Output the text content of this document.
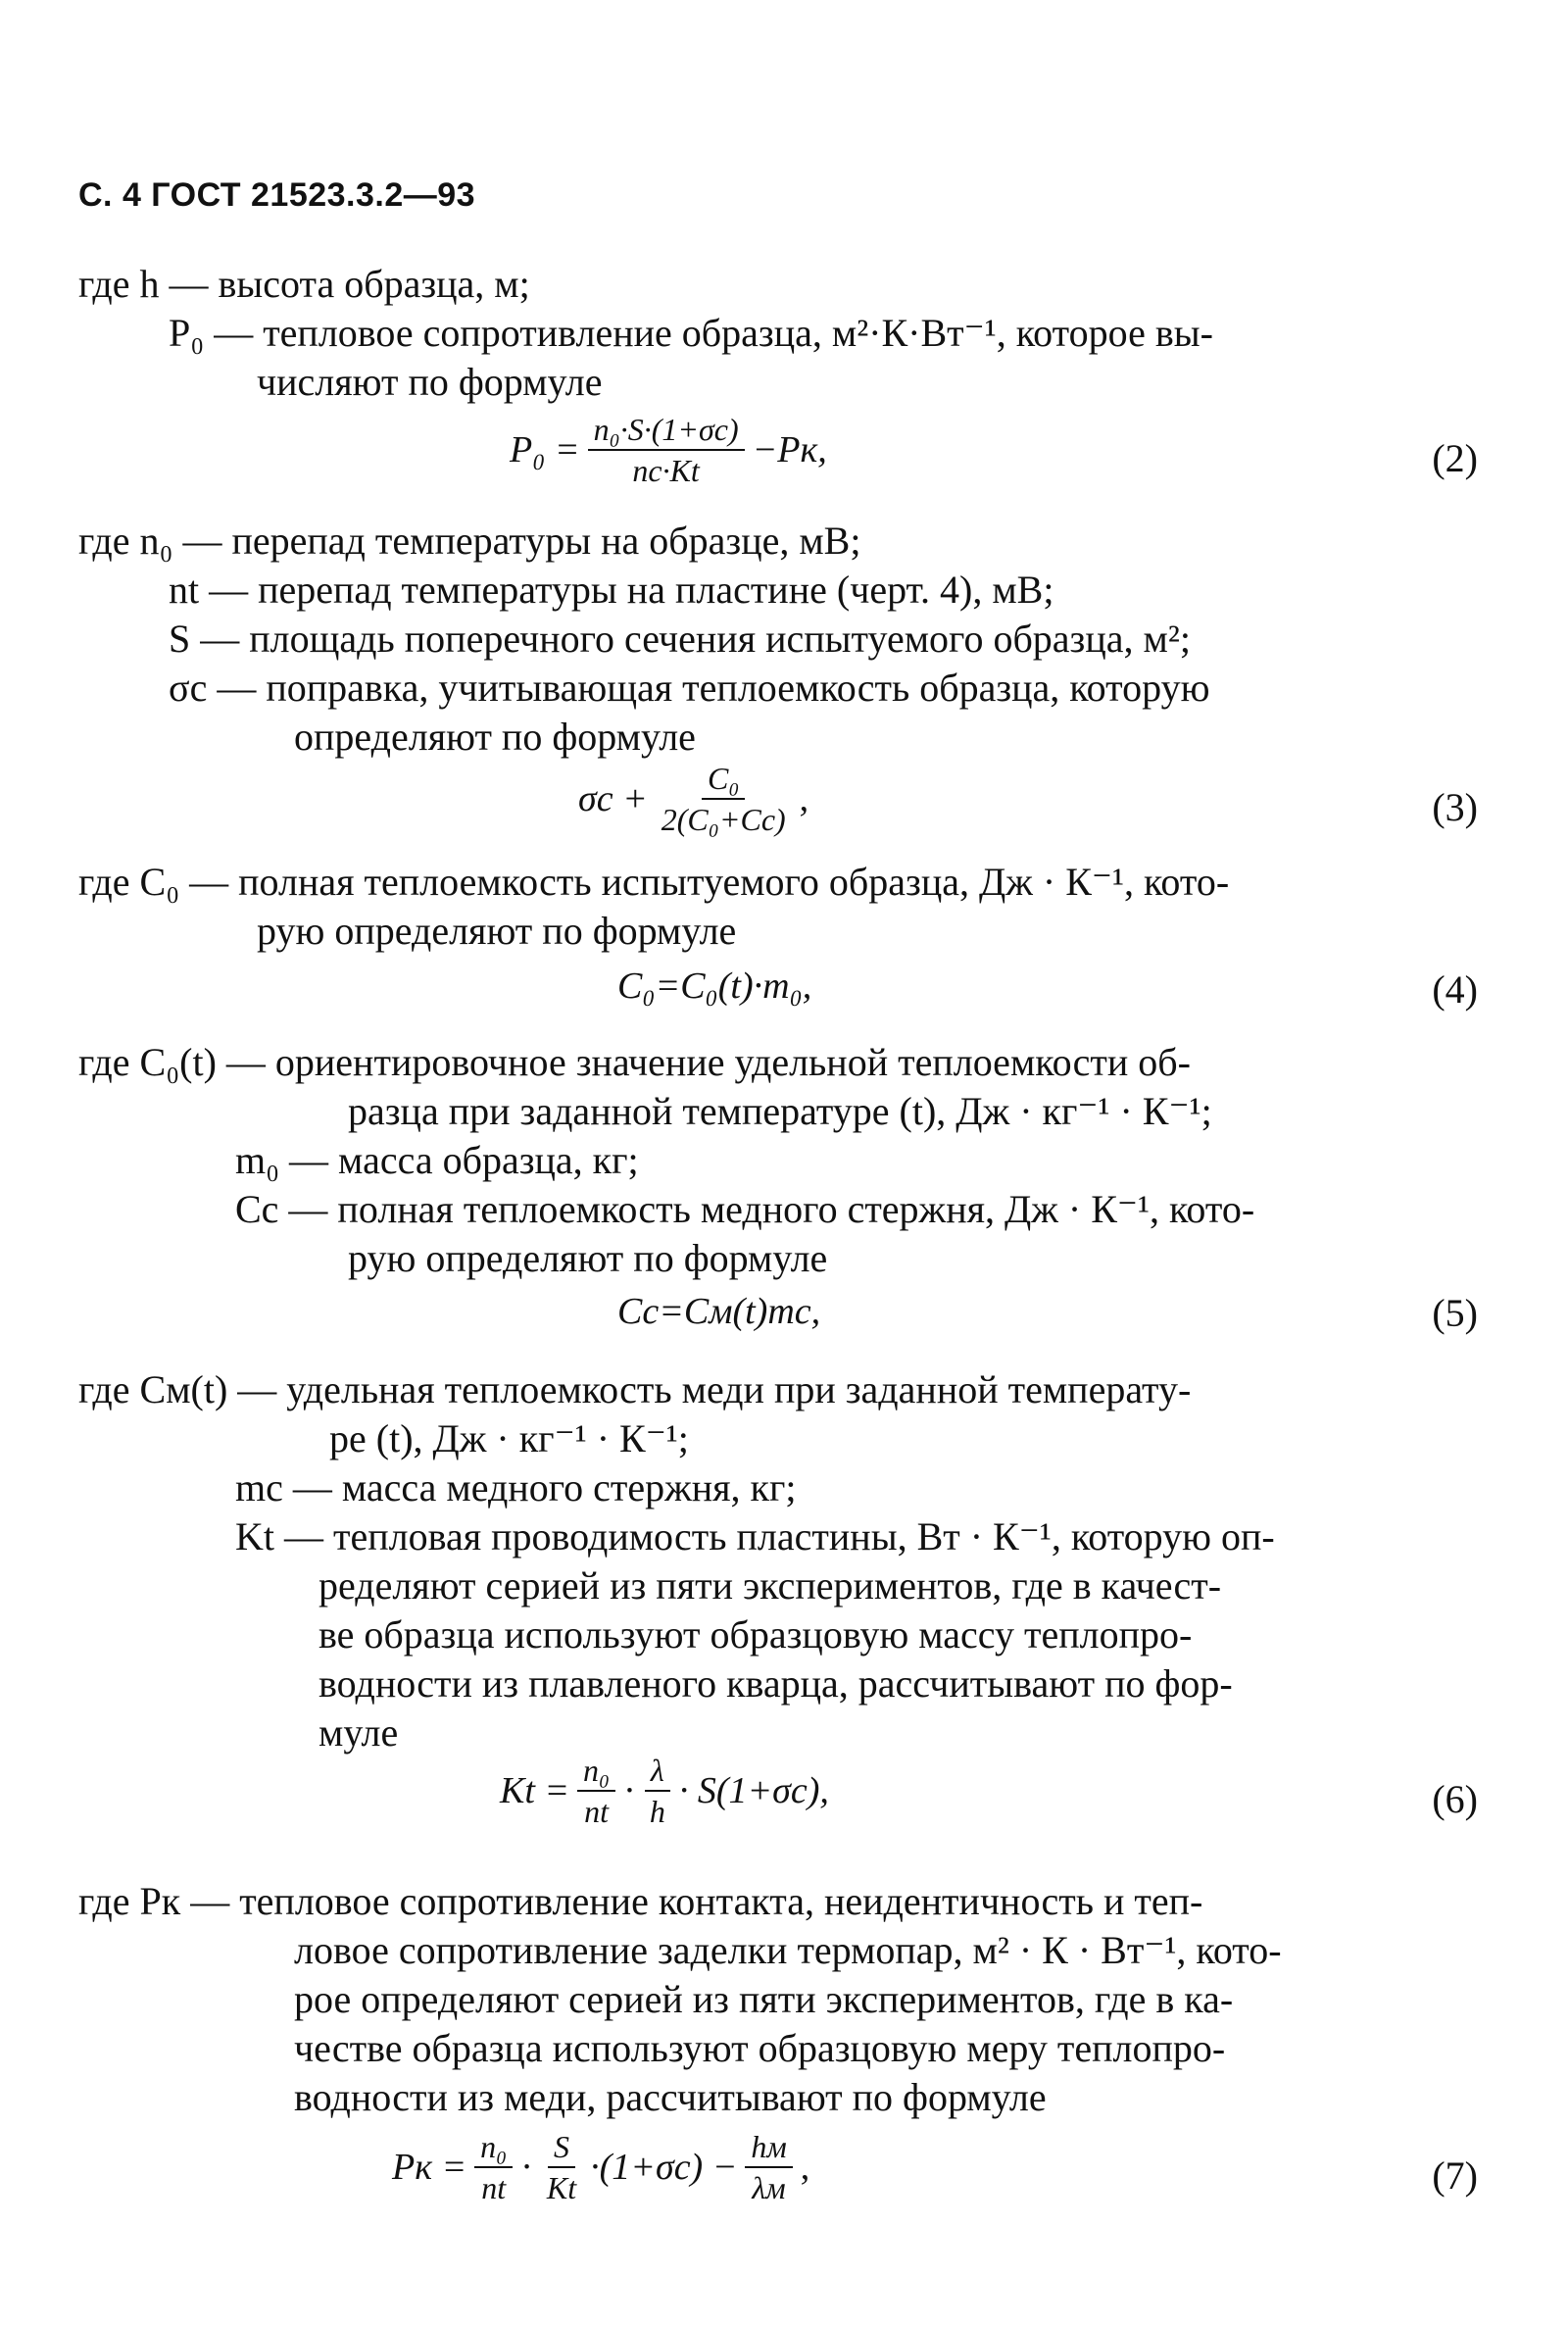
С. 4 ГОСТ 21523.3.2—93
где h — высота образца, м;
P₀ — тепловое сопротивление образца, м²·К·Вт⁻¹, которое вы-
числяют по формуле
$P_0 = \frac{\text{n₀·S·(1+σc)}}{nc\cdot Kt} -Pк$,	(2)
где n₀ — перепад температуры на образце, мВ;
nt — перепад температуры на пластине (черт. 4), мВ;
S — площадь поперечного сечения испытуемого образца, м²;
σc — поправка, учитывающая теплоемкость образца, которую
определяют по формуле
$\sigma c + \frac{\text{C₀}}{\text{2(C₀+Cc)}}$ ,	(3)
где C₀ — полная теплоемкость испытуемого образца, Дж · К⁻¹, кото-
рую определяют по формуле
C₀=C₀(t)·m₀,	(4)
где C₀(t) — ориентировочное значение удельной теплоемкости об-
разца при заданной температуре (t), Дж · кг⁻¹ · К⁻¹;
m₀ — масса образца, кг;
Cc — полная теплоемкость медного стержня, Дж · К⁻¹, кото-
рую определяют по формуле
Cc=Cм(t)mc,	(5)
где Cм(t) — удельная теплоемкость меди при заданной температу-
ре (t), Дж · кг⁻¹ · К⁻¹;
mc — масса медного стержня, кг;
Kt — тепловая проводимость пластины, Вт · К⁻¹, которую оп-
ределяют серией из пяти экспериментов, где в качест-
ве образца используют образцовую массу теплопро-
водности из плавленого кварца, рассчитывают по фор-
муле
$Kt = \frac{\text{n₀}}{nt} \cdot \frac{\lambda}{h} \cdot S(1+\sigma c)$,	(6)
где Pк — тепловое сопротивление контакта, неидентичность и теп-
ловое сопротивление заделки термопар, м² · К · Вт⁻¹, кото-
рое определяют серией из пяти экспериментов, где в ка-
честве образца используют образцовую меру теплопро-
водности из меди, рассчитывают по формуле
Pк = $\frac{\text{n₀}}{nt} \cdot \frac{S}{Kt} \cdot(1+\sigma c) - \frac{hм}{\lambda м}$ ,	(7)
